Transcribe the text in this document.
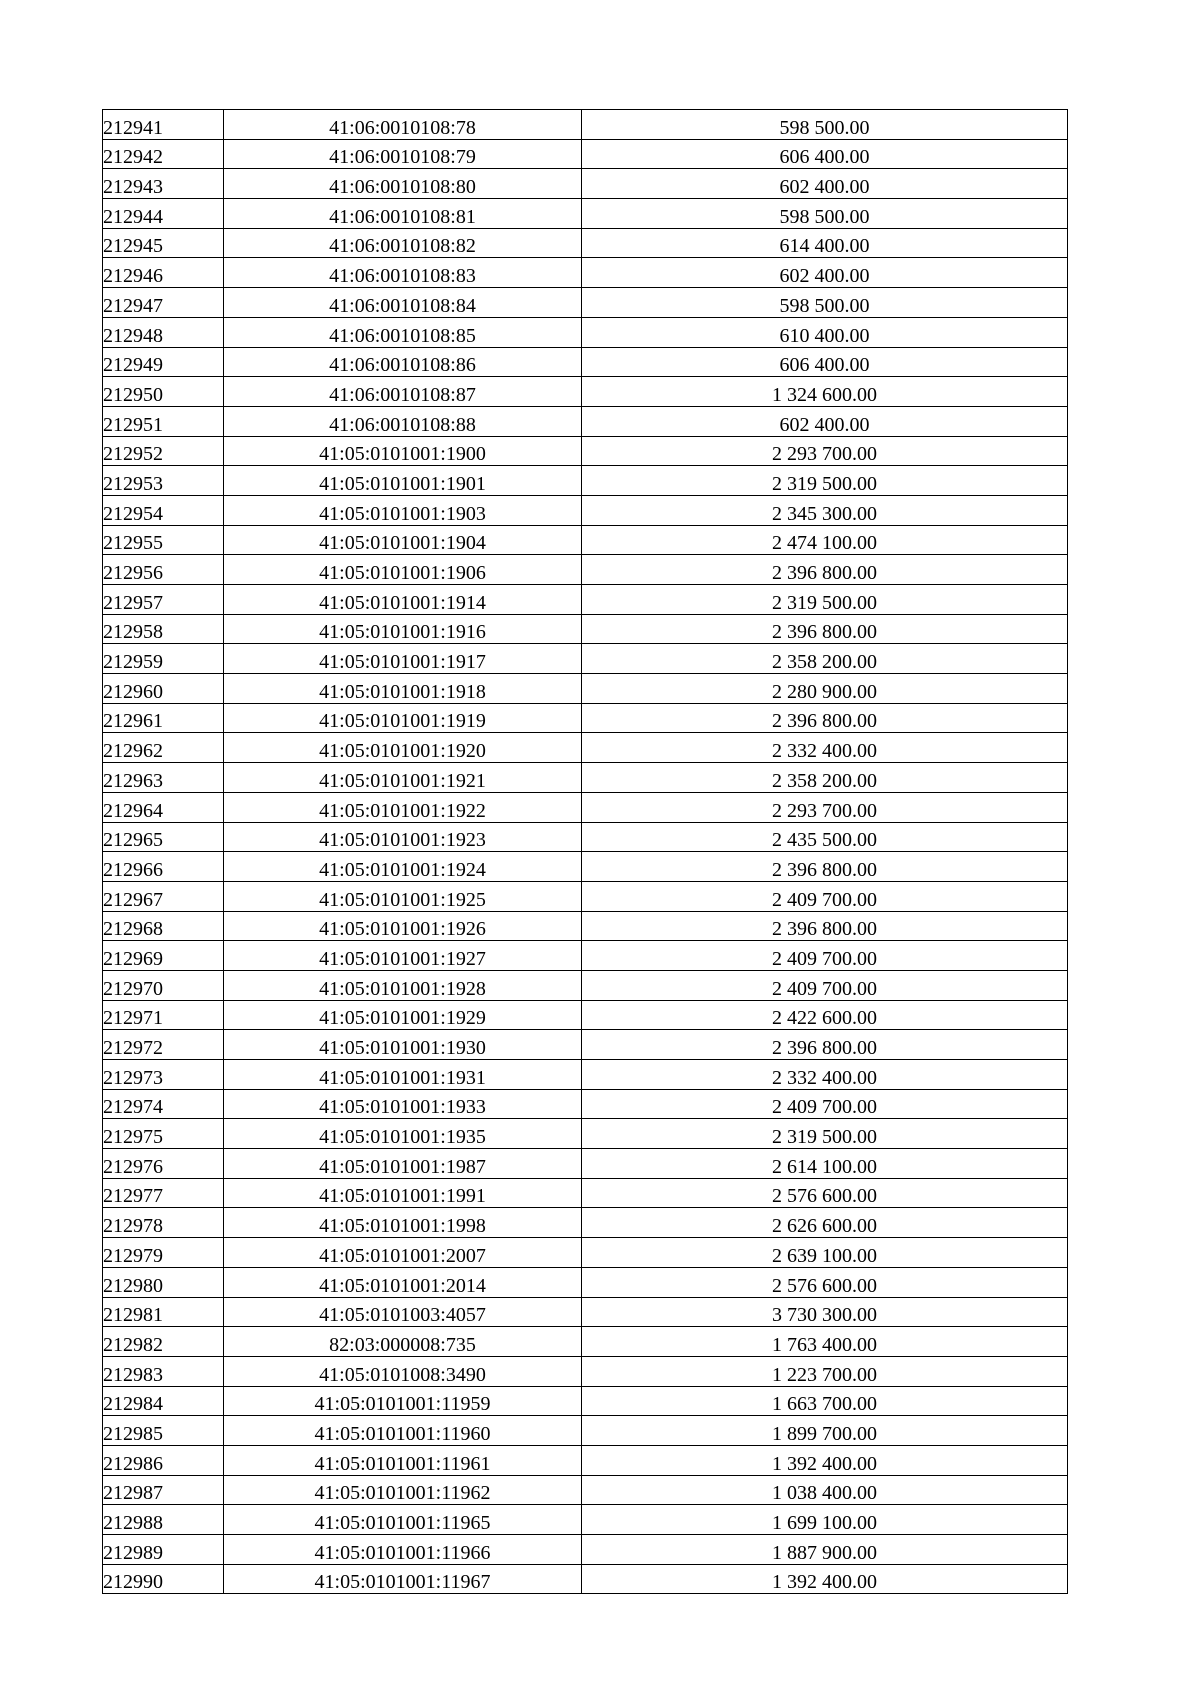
212941	41:06:0010108:78	598 500.00
212942	41:06:0010108:79	606 400.00
212943	41:06:0010108:80	602 400.00
212944	41:06:0010108:81	598 500.00
212945	41:06:0010108:82	614 400.00
212946	41:06:0010108:83	602 400.00
212947	41:06:0010108:84	598 500.00
212948	41:06:0010108:85	610 400.00
212949	41:06:0010108:86	606 400.00
212950	41:06:0010108:87	1 324 600.00
212951	41:06:0010108:88	602 400.00
212952	41:05:0101001:1900	2 293 700.00
212953	41:05:0101001:1901	2 319 500.00
212954	41:05:0101001:1903	2 345 300.00
212955	41:05:0101001:1904	2 474 100.00
212956	41:05:0101001:1906	2 396 800.00
212957	41:05:0101001:1914	2 319 500.00
212958	41:05:0101001:1916	2 396 800.00
212959	41:05:0101001:1917	2 358 200.00
212960	41:05:0101001:1918	2 280 900.00
212961	41:05:0101001:1919	2 396 800.00
212962	41:05:0101001:1920	2 332 400.00
212963	41:05:0101001:1921	2 358 200.00
212964	41:05:0101001:1922	2 293 700.00
212965	41:05:0101001:1923	2 435 500.00
212966	41:05:0101001:1924	2 396 800.00
212967	41:05:0101001:1925	2 409 700.00
212968	41:05:0101001:1926	2 396 800.00
212969	41:05:0101001:1927	2 409 700.00
212970	41:05:0101001:1928	2 409 700.00
212971	41:05:0101001:1929	2 422 600.00
212972	41:05:0101001:1930	2 396 800.00
212973	41:05:0101001:1931	2 332 400.00
212974	41:05:0101001:1933	2 409 700.00
212975	41:05:0101001:1935	2 319 500.00
212976	41:05:0101001:1987	2 614 100.00
212977	41:05:0101001:1991	2 576 600.00
212978	41:05:0101001:1998	2 626 600.00
212979	41:05:0101001:2007	2 639 100.00
212980	41:05:0101001:2014	2 576 600.00
212981	41:05:0101003:4057	3 730 300.00
212982	82:03:000008:735	1 763 400.00
212983	41:05:0101008:3490	1 223 700.00
212984	41:05:0101001:11959	1 663 700.00
212985	41:05:0101001:11960	1 899 700.00
212986	41:05:0101001:11961	1 392 400.00
212987	41:05:0101001:11962	1 038 400.00
212988	41:05:0101001:11965	1 699 100.00
212989	41:05:0101001:11966	1 887 900.00
212990	41:05:0101001:11967	1 392 400.00
